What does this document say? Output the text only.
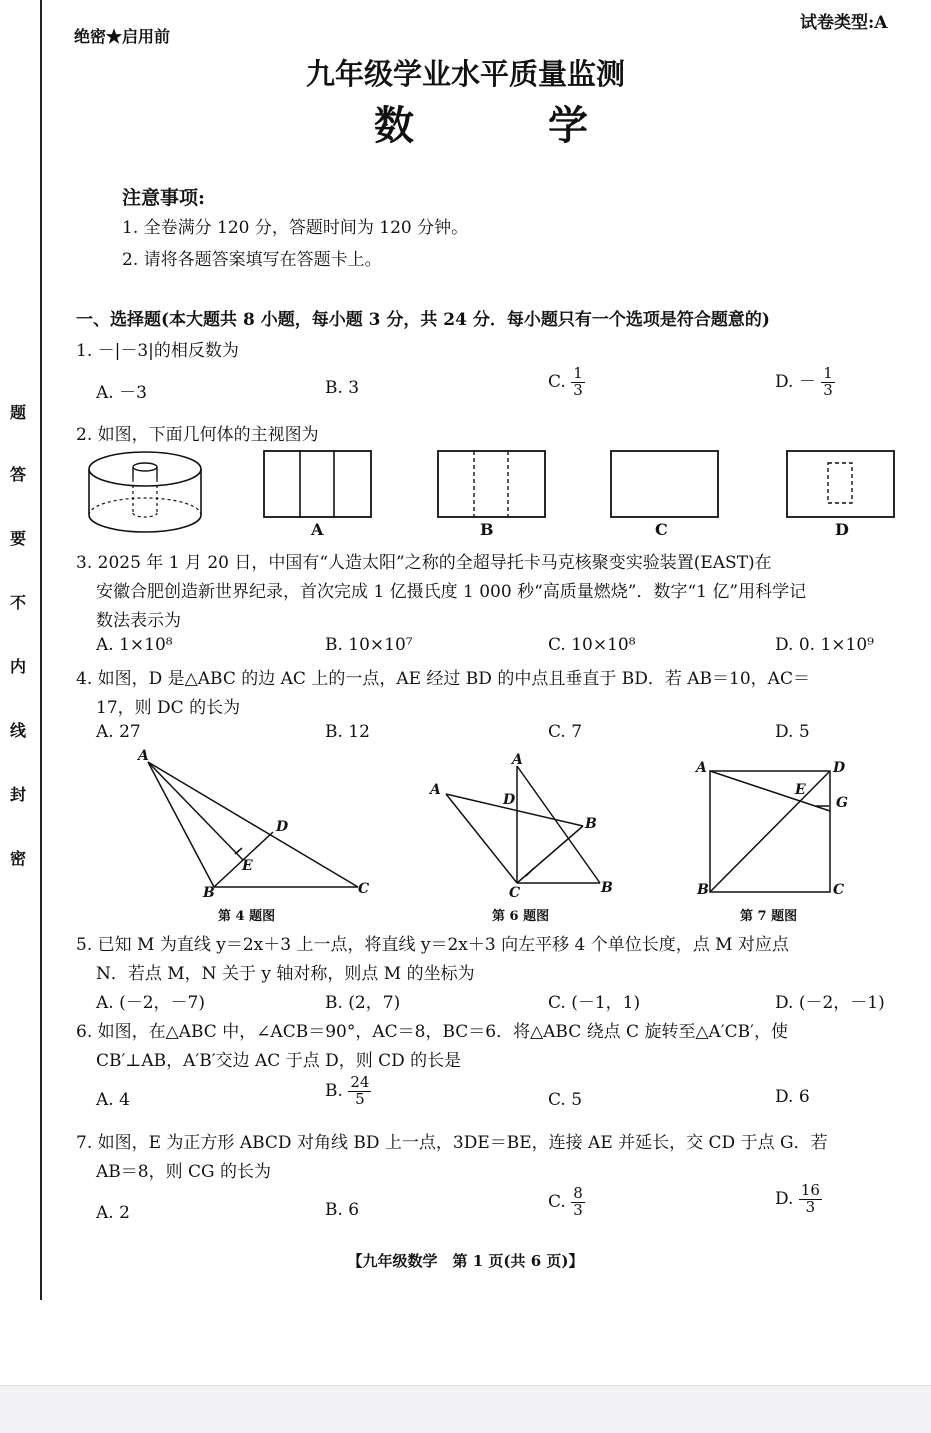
绝密★启用前
试卷类型:A
九年级学业水平质量监测
数　　学
注意事项:
1. 全卷满分 120 分，答题时间为 120 分钟。
2. 请将各题答案填写在答题卡上。
题
答
要
不
内
线
封
密
一、选择题(本大题共 8 小题，每小题 3 分，共 24 分．每小题只有一个选项是符合题意的)
1. －|－3|的相反数为
A. －3	B. 3	C. $\frac{1}{3}$	D. － $\frac{1}{3}$
2. 如图，下面几何体的主视图为
A	B	C	D
3. 2025 年 1 月 20 日，中国有“人造太阳”之称的全超导托卡马克核聚变实验装置(EAST)在
安徽合肥创造新世界纪录，首次完成 1 亿摄氏度 1 000 秒“高质量燃烧”．数字“1 亿”用科学记
数法表示为
A. 1×10⁸	B. 10×10⁷	C. 10×10⁸	D. 0. 1×10⁹
4. 如图，D 是△ABC 的边 AC 上的一点，AE 经过 BD 的中点且垂直于 BD．若 AB＝10，AC＝
17，则 DC 的长为
A. 27	B. 12	C. 7	D. 5
A
B	C
D
E
第 4 题图
A
A
B
B
C
D
第 6 题图
A
B	C
D
E
G
第 7 题图
5. 已知 M 为直线 y＝2x＋3 上一点，将直线 y＝2x＋3 向左平移 4 个单位长度，点 M 对应点
N．若点 M，N 关于 y 轴对称，则点 M 的坐标为
A. (－2，－7)	B. (2，7)	C. (－1，1)	D. (－2，－1)
6. 如图，在△ABC 中，∠ACB＝90°，AC＝8，BC＝6．将△ABC 绕点 C 旋转至△A′CB′，使
CB′⊥AB，A′B′交边 AC 于点 D，则 CD 的长是
A. 4	B. $\frac{24}{5}$	C. 5	D. 6
7. 如图，E 为正方形 ABCD 对角线 BD 上一点，3DE＝BE，连接 AE 并延长，交 CD 于点 G．若
AB＝8，则 CG 的长为
A. 2	B. 6	C. $\frac{8}{3}$	D. $\frac{16}{3}$
【九年级数学　第 1 页(共 6 页)】
